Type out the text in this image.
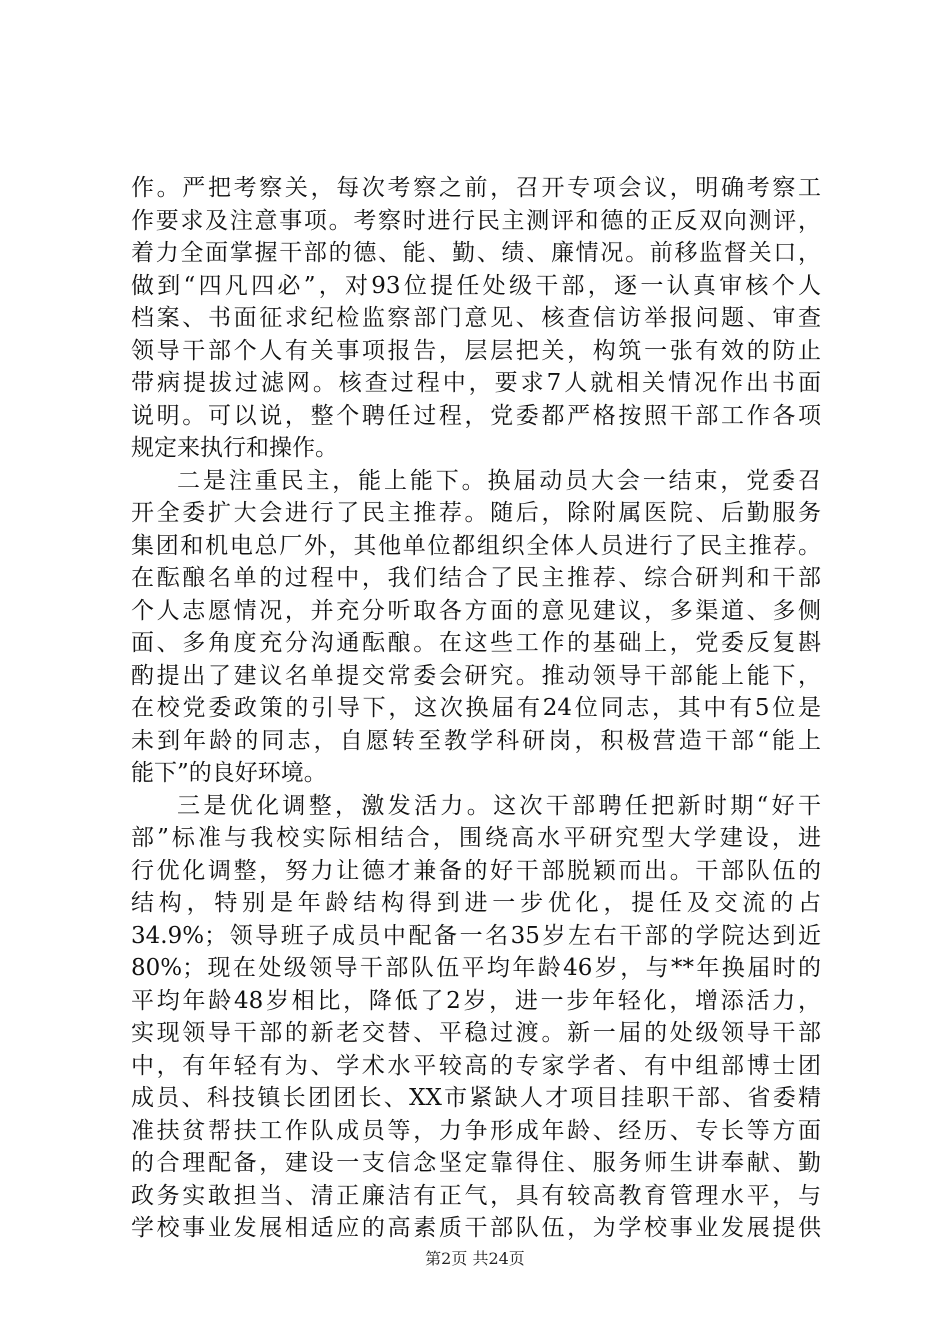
作。严把考察关，每次考察之前，召开专项会议，明确考察工
作要求及注意事项。考察时进行民主测评和德的正反双向测评，
着力全面掌握干部的德、能、勤、绩、廉情况。前移监督关口，
做到“四凡四必”，对93位提任处级干部，逐一认真审核个人
档案、书面征求纪检监察部门意见、核查信访举报问题、审查
领导干部个人有关事项报告，层层把关，构筑一张有效的防止
带病提拔过滤网。核查过程中，要求7人就相关情况作出书面
说明。可以说，整个聘任过程，党委都严格按照干部工作各项
规定来执行和操作。
二是注重民主，能上能下。换届动员大会一结束，党委召
开全委扩大会进行了民主推荐。随后，除附属医院、后勤服务
集团和机电总厂外，其他单位都组织全体人员进行了民主推荐。
在酝酿名单的过程中，我们结合了民主推荐、综合研判和干部
个人志愿情况，并充分听取各方面的意见建议，多渠道、多侧
面、多角度充分沟通酝酿。在这些工作的基础上，党委反复斟
酌提出了建议名单提交常委会研究。推动领导干部能上能下，
在校党委政策的引导下，这次换届有24位同志，其中有5位是
未到年龄的同志，自愿转至教学科研岗，积极营造干部“能上
能下”的良好环境。
三是优化调整，激发活力。这次干部聘任把新时期“好干
部”标准与我校实际相结合，围绕高水平研究型大学建设，进
行优化调整，努力让德才兼备的好干部脱颖而出。干部队伍的
结构，特别是年龄结构得到进一步优化，提任及交流的占
34.9%；领导班子成员中配备一名35岁左右干部的学院达到近
80%；现在处级领导干部队伍平均年龄46岁，与**年换届时的
平均年龄48岁相比，降低了2岁，进一步年轻化，增添活力，
实现领导干部的新老交替、平稳过渡。新一届的处级领导干部
中，有年轻有为、学术水平较高的专家学者、有中组部博士团
成员、科技镇长团团长、XX市紧缺人才项目挂职干部、省委精
准扶贫帮扶工作队成员等，力争形成年龄、经历、专长等方面
的合理配备，建设一支信念坚定靠得住、服务师生讲奉献、勤
政务实敢担当、清正廉洁有正气，具有较高教育管理水平，与
学校事业发展相适应的高素质干部队伍，为学校事业发展提供
第2页 共24页
